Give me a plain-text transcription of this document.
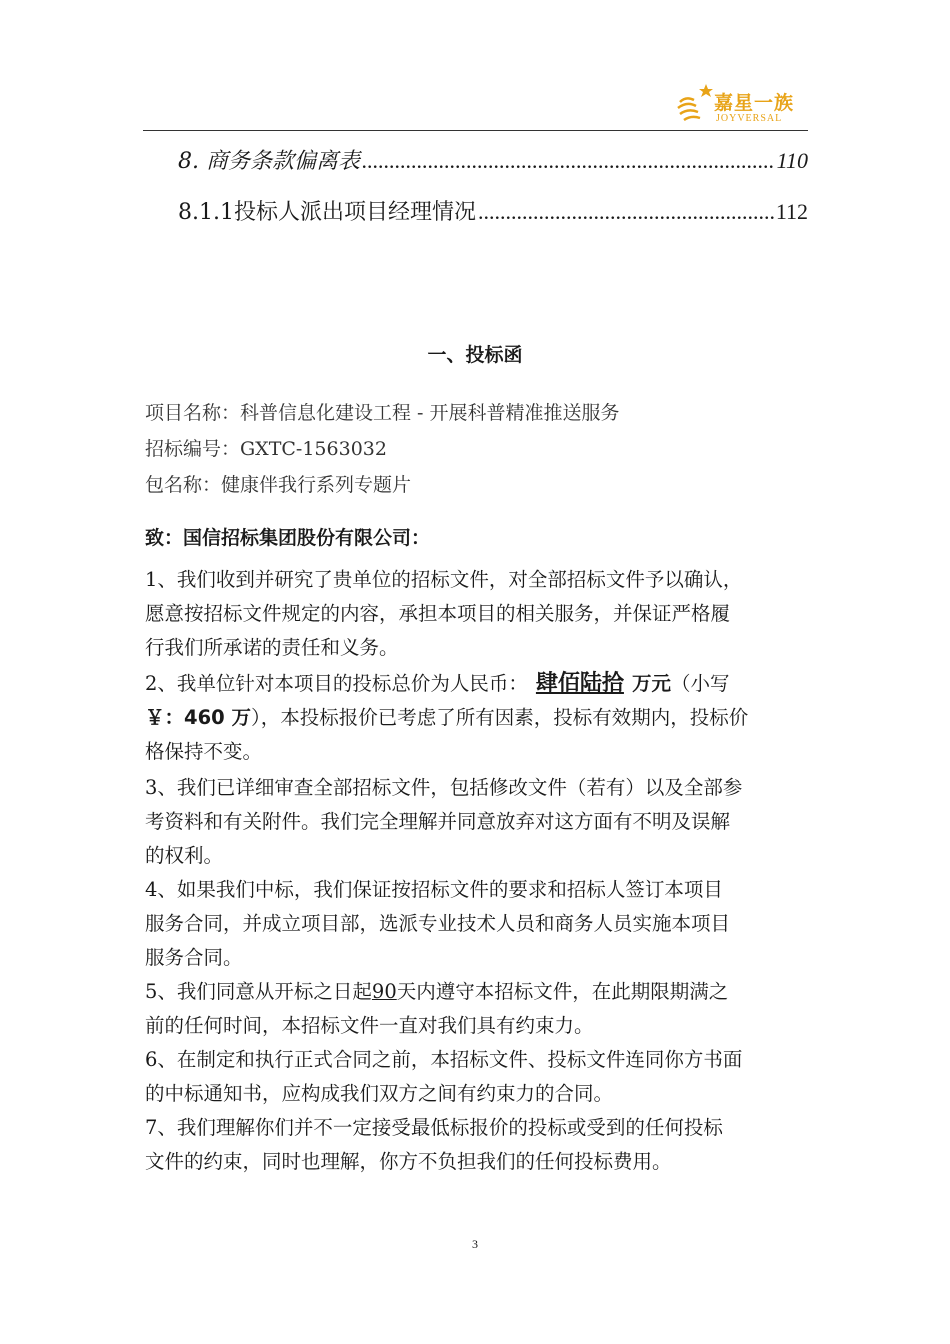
嘉星一族
JOYVERSAL
8. 商务条款偏离表 .....	110
8.1.1投标人派出项目经理情况 .....	112
一、投标函
项目名称：科普信息化建设工程 - 开展科普精准推送服务
招标编号：GXTC-1563032
包名称：健康伴我行系列专题片
致：国信招标集团股份有限公司：
1、我们收到并研究了贵单位的招标文件，对全部招标文件予以确认，
愿意按招标文件规定的内容，承担本项目的相关服务，并保证严格履
行我们所承诺的责任和义务。
2、我单位针对本项目的投标总价为人民币： 肆佰陆拾 万元（小写
￥：460 万），本投标报价已考虑了所有因素，投标有效期内，投标价
格保持不变。
3、我们已详细审查全部招标文件，包括修改文件（若有）以及全部参
考资料和有关附件。我们完全理解并同意放弃对这方面有不明及误解
的权利。
4、如果我们中标，我们保证按招标文件的要求和招标人签订本项目
服务合同，并成立项目部，选派专业技术人员和商务人员实施本项目
服务合同。
5、我们同意从开标之日起90天内遵守本招标文件，在此期限期满之
前的任何时间，本招标文件一直对我们具有约束力。
6、在制定和执行正式合同之前，本招标文件、投标文件连同你方书面
的中标通知书，应构成我们双方之间有约束力的合同。
7、我们理解你们并不一定接受最低标报价的投标或受到的任何投标
文件的约束，同时也理解，你方不负担我们的任何投标费用。
3
